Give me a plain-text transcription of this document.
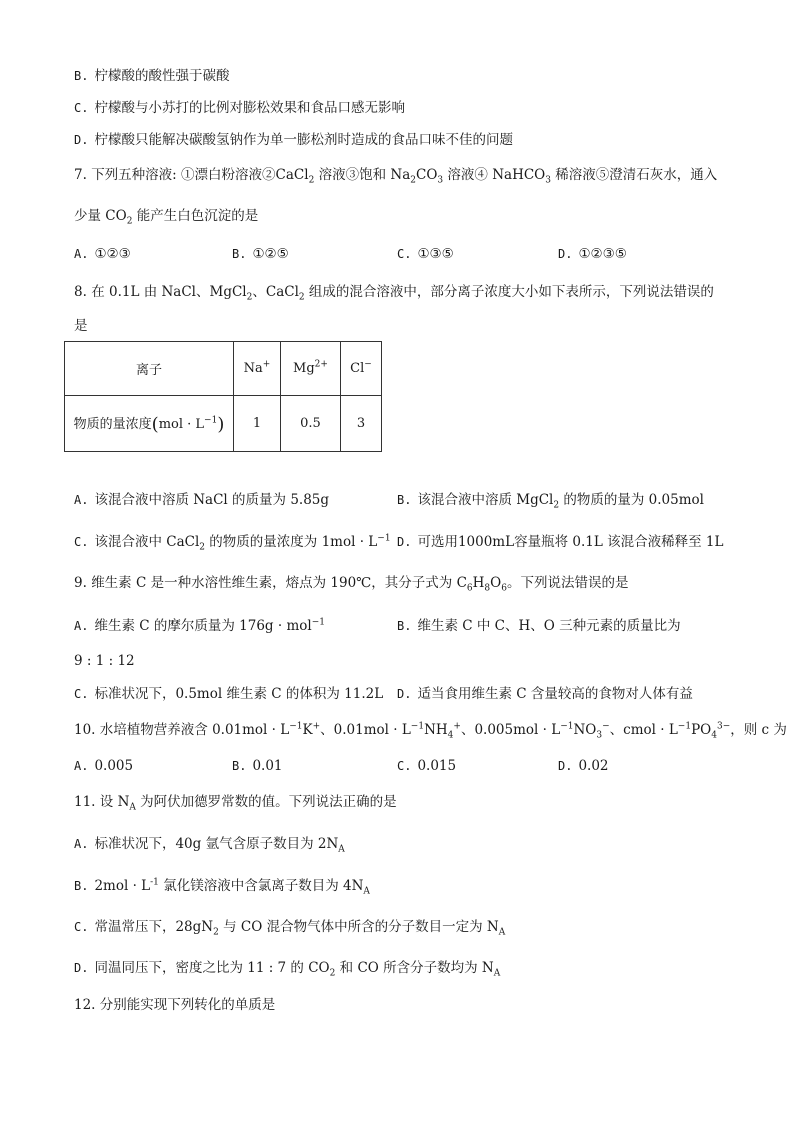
B. 柠檬酸的酸性强于碳酸
C. 柠檬酸与小苏打的比例对膨松效果和食品口感无影响
D. 柠檬酸只能解决碳酸氢钠作为单一膨松剂时造成的食品口味不佳的问题
7. 下列五种溶液: ①漂白粉溶液②CaCl$_2$ 溶液③饱和 $Na_2CO_3$ 溶液④ NaHCO$_3$ 稀溶液⑤澄清石灰水，通入
少量 $CO_2$ 能产生白色沉淀的是
A. ①②③	B. ①②⑤	C. ①③⑤	D. ①②③⑤
8. 在 0.1L 由 NaCl、MgCl$_2$、CaCl$_2$ 组成的混合溶液中，部分离子浓度大小如下表所示，下列说法错误的
是
离子	Na+	$Mg^{2+}$	Cl−
物质的量浓度$(mol \cdot L^{-1})$	1	0.5	3
A. 该混合液中溶质 NaCl 的质量为 5.85g	B. 该混合液中溶质 MgCl$_2$ 的物质的量为 0.05mol
C. 该混合液中 CaCl$_2$ 的物质的量浓度为 $1mol \cdot L^{-1}$ D. 可选用1000mL容量瓶将 0.1L 该混合液稀释至 1L
9. 维生素 C 是一种水溶性维生素，熔点为 190℃，其分子式为 $C_6H_8O_6$。下列说法错误的是
A. 维生素 C 的摩尔质量为 176g · mol$^{-1}$	B. 维生素 C 中 C、H、O 三种元素的质量比为
9 : 1 : 12
C. 标准状况下，0.5mol 维生素 C 的体积为 11.2L D. 适当食用维生素 C 含量较高的食物对人体有益
10. 水培植物营养液含 $0.01mol \cdot L^{-1}K^+$、$0.01mol \cdot L^{-1}NH_4^+$、$0.005mol \cdot L^{-1}NO_3^-$、cmol · $L^{-1}PO_4^{3-}$，则 c 为
A. 0.005	B. 0.01	C. 0.015	D. 0.02
11. 设 $N_A$ 为阿伏加德罗常数的值。下列说法正确的是
A. 标准状况下，40g 氩气含原子数目为 $2N_A$
B. $2mol \cdot L^{-1}$ 氯化镁溶液中含氯离子数目为 $4N_A$
C. 常温常压下，$28gN_2$ 与 CO 混合物气体中所含的分子数目一定为 $N_A$
D. 同温同压下，密度之比为 11 : 7 的 $CO_2$ 和 CO 所含分子数均为 $N_A$
12. 分别能实现下列转化的单质是
